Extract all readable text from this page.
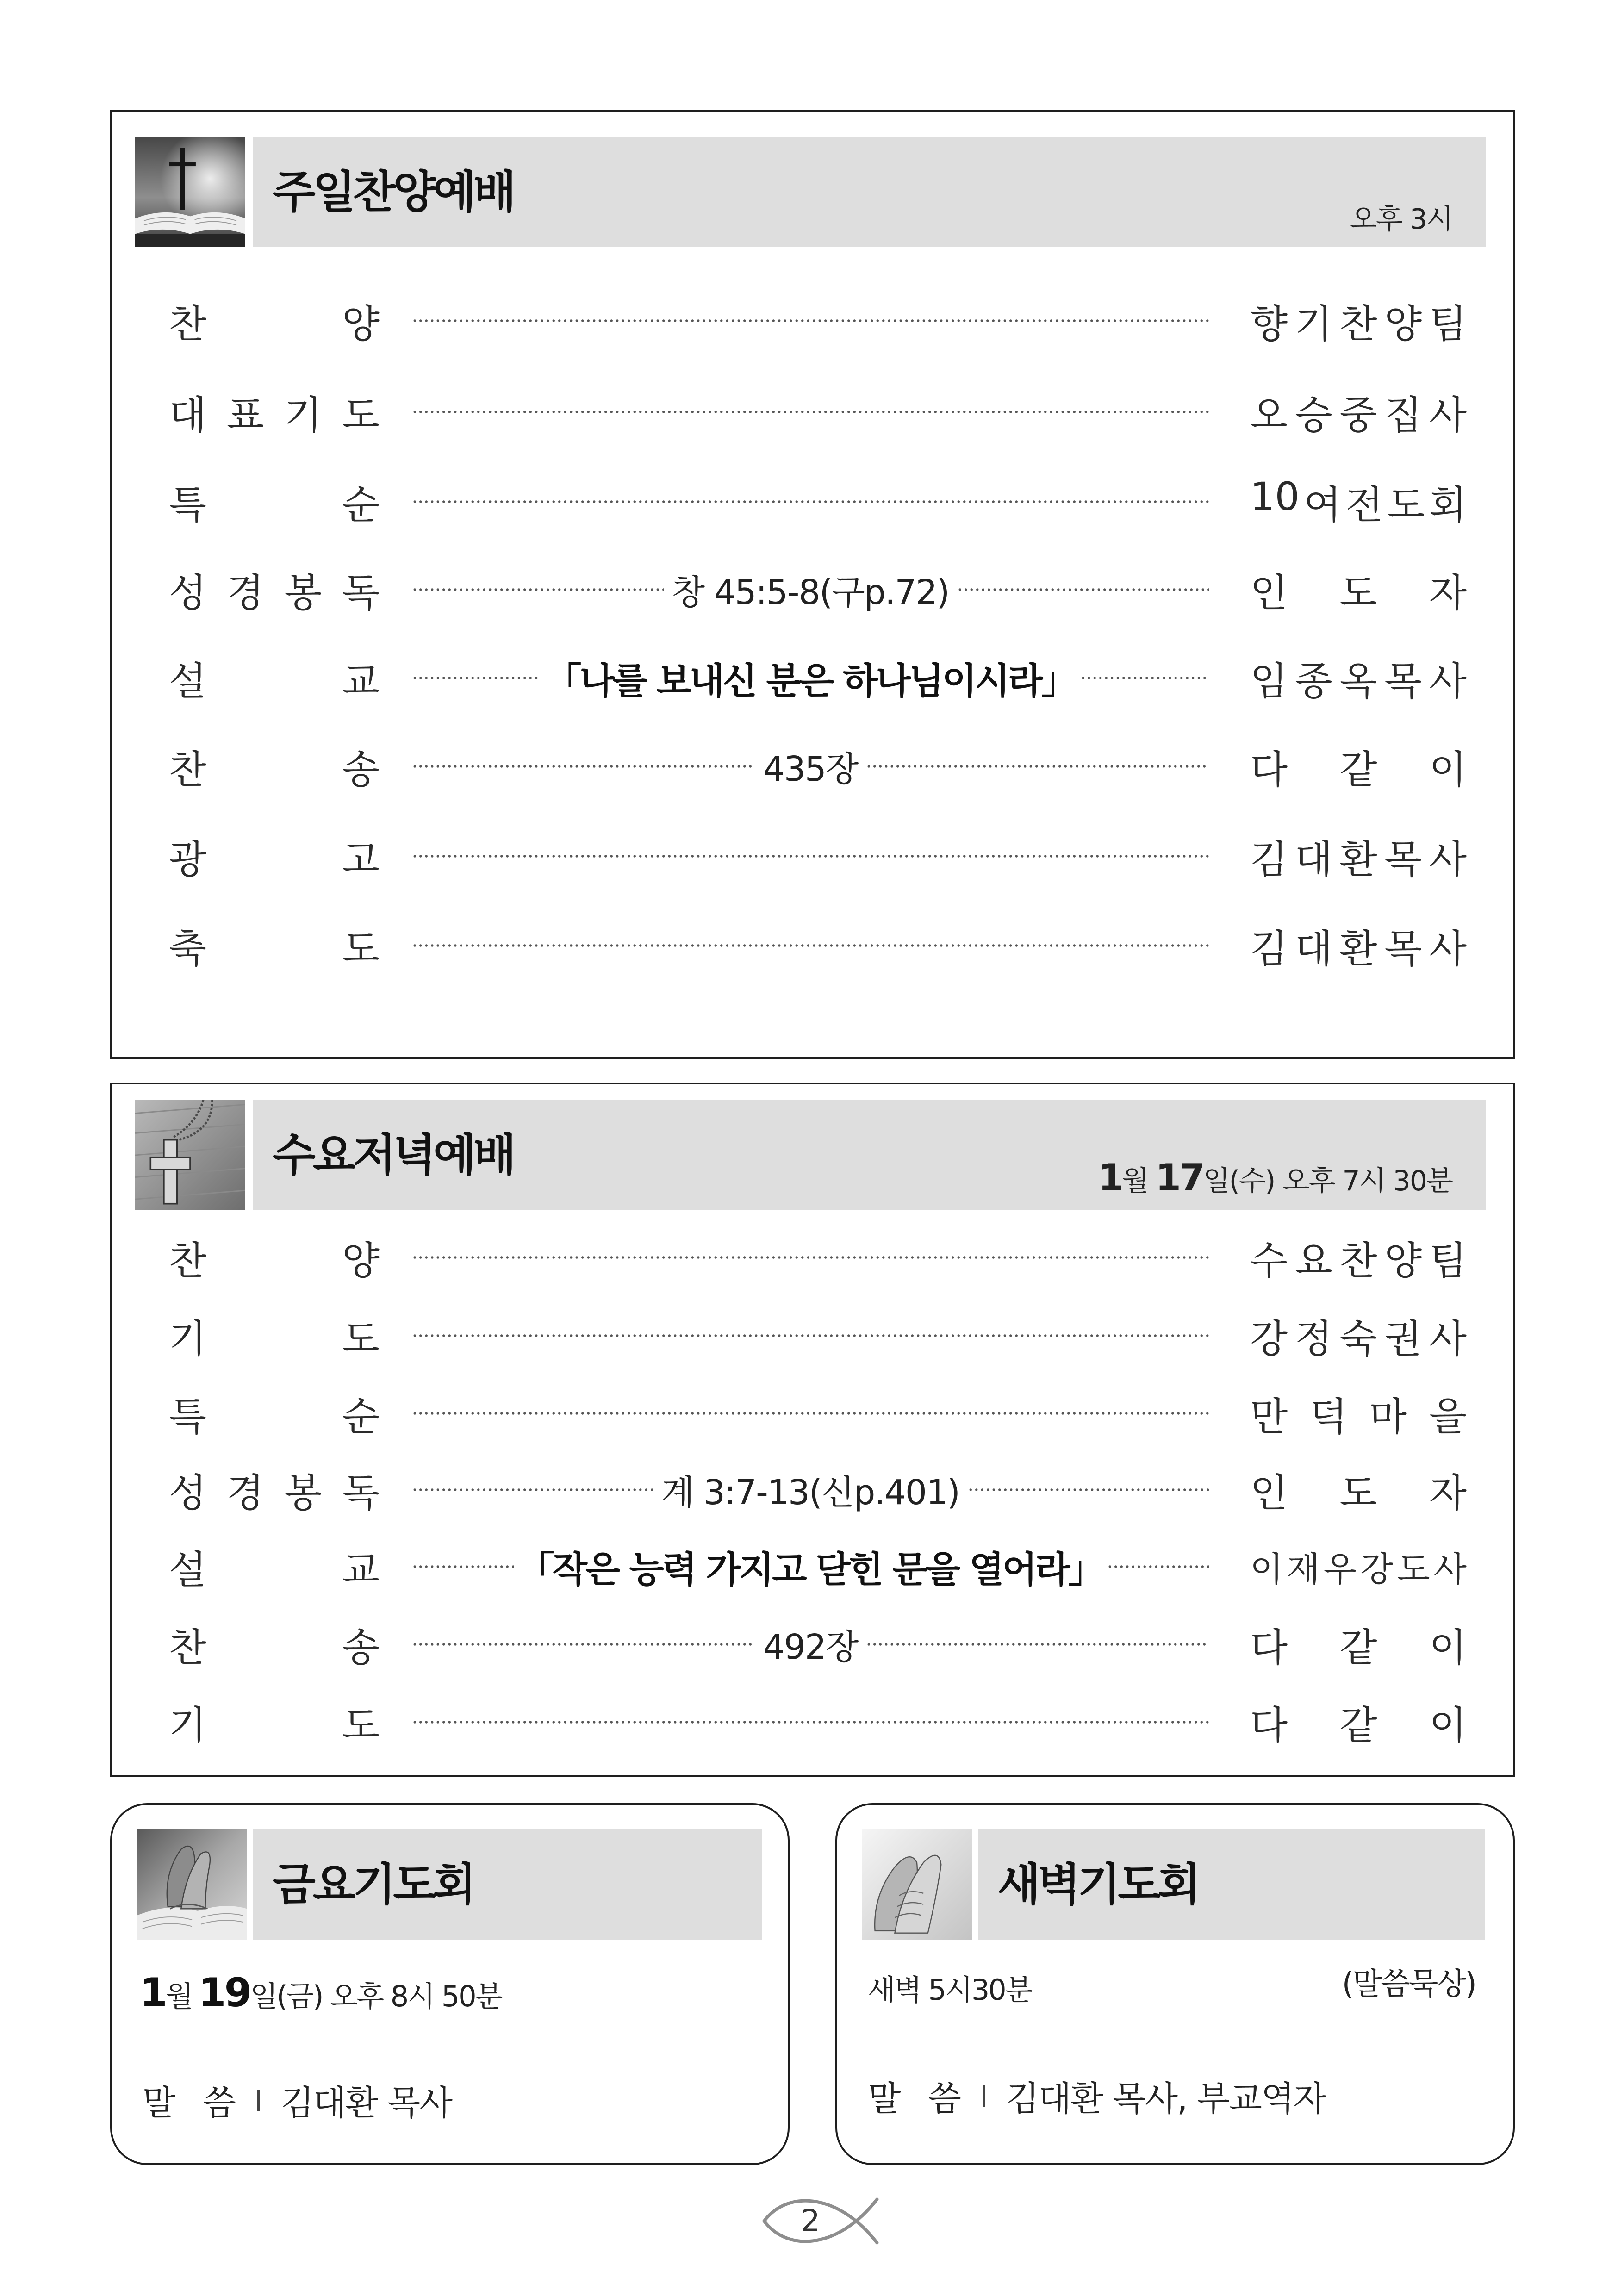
주일찬양예배
오후 3시
찬	양	향 기 찬 양 팀
대 표 기 도	오 승 중 집 사
특	순	10 여 전 도 회
성 경 봉 독	창 45:5-8(구p.72)	인 도 자
설	교	「나를 보내신 분은 하나님이시라」	임 종 옥 목 사
찬	송	435장	다 같 이
광	고	김 대 환 목 사
축	도	김 대 환 목 사
수요저녁예배	1 월 17 일(수) 오후 7시 30분
찬	양	수 요 찬 양 팀
기	도	강 정 숙 권 사
특	순	만 덕 마 을
성 경 봉 독	계 3:7-13(신p.401)	인 도 자
설	교	「작은 능력 가지고 닫힌 문을 열어라」	이 재 우 강 도 사
찬	송	492장	다 같 이
기	도	다 같 이
금요기도회
1 월 19 일(금) 오후 8시 50분
말 씀 김대환 목사
새벽기도회
새벽 5시30분	(말씀묵상)
말 씀 김대환 목사, 부교역자
2
